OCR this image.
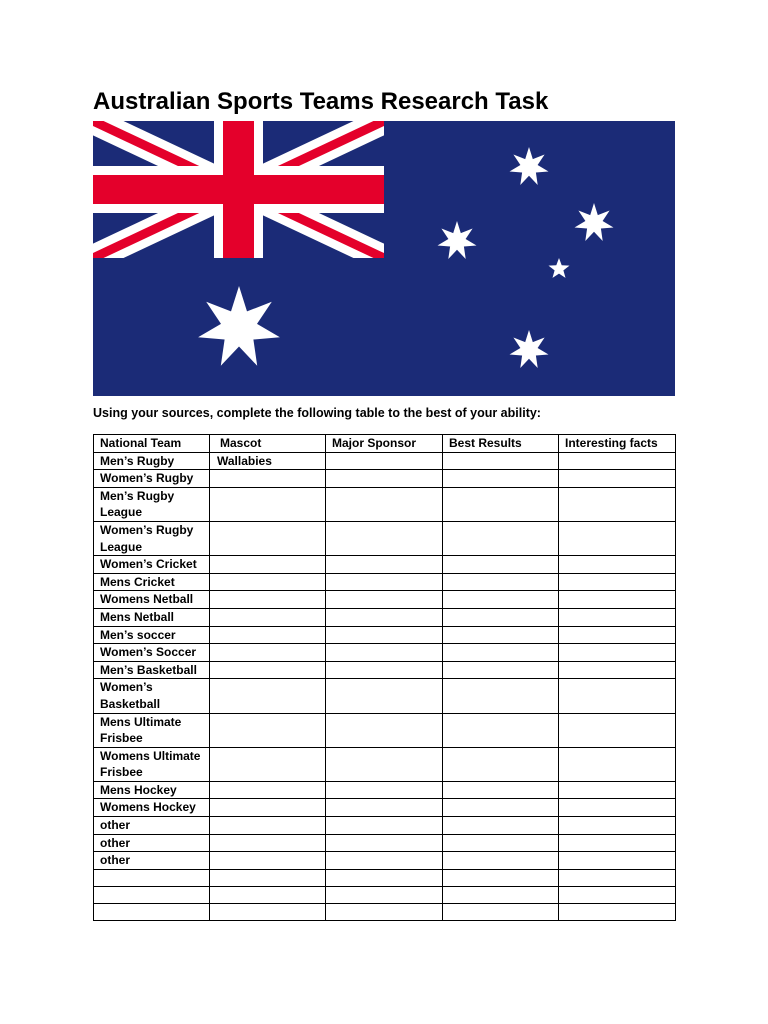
Australian Sports Teams Research Task

Using your sources, complete the following table to the best of your ability:

National Team	Mascot	Major Sponsor	Best Results	Interesting facts
Men’s Rugby	Wallabies			
Women’s Rugby				
Men’s Rugby League				
Women’s Rugby League				
Women’s Cricket				
Mens Cricket				
Womens Netball				
Mens Netball				
Men’s soccer				
Women’s Soccer				
Men’s Basketball				
Women’s Basketball				
Mens Ultimate Frisbee				
Womens Ultimate Frisbee				
Mens Hockey				
Womens Hockey				
other				
other				
other				
